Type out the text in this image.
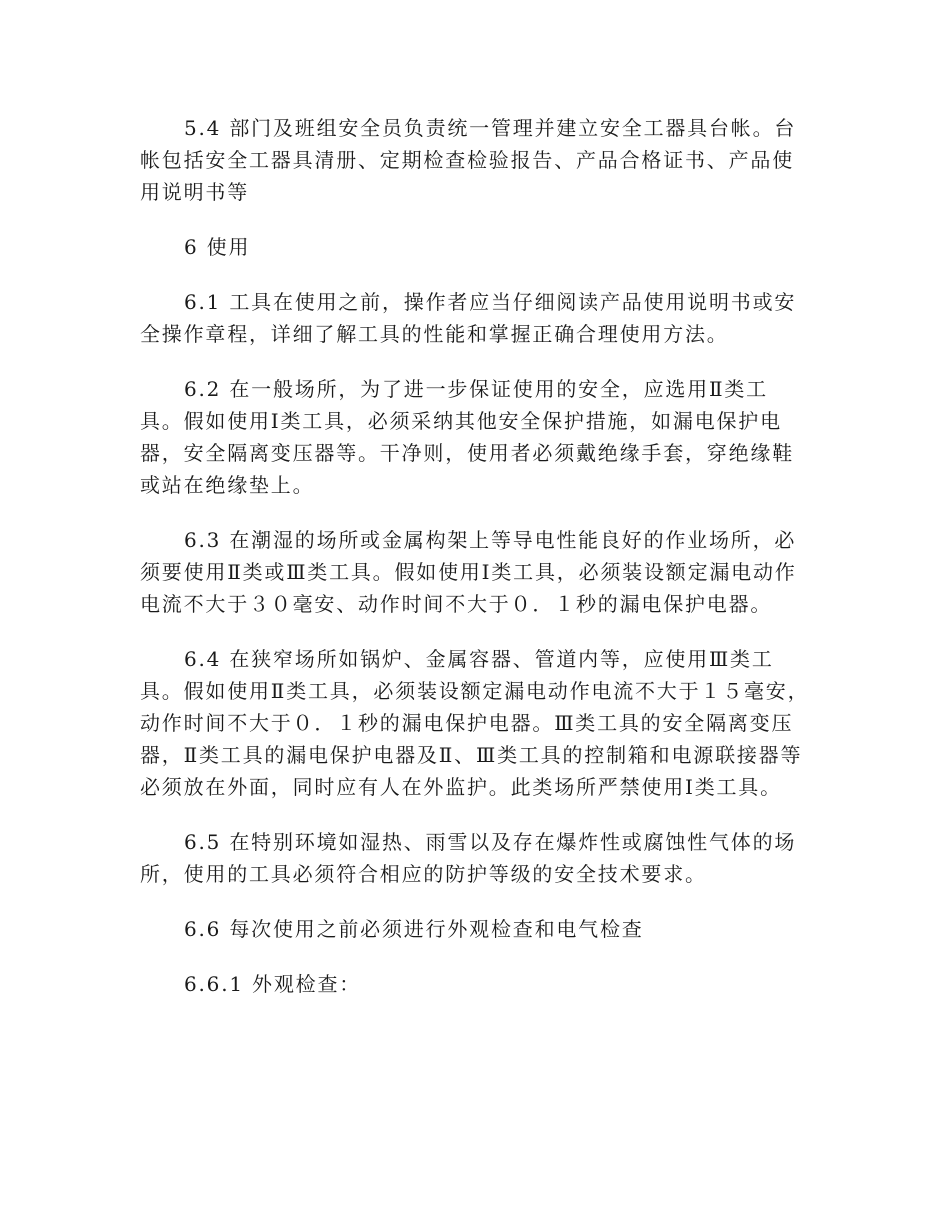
5.4 部门及班组安全员负责统一管理并建立安全工器具台帐。台帐包括安全工器具清册、定期检查检验报告、产品合格证书、产品使用说明书等

6 使用

6.1 工具在使用之前，操作者应当仔细阅读产品使用说明书或安全操作章程，详细了解工具的性能和掌握正确合理使用方法。

6.2 在一般场所，为了进一步保证使用的安全，应选用Ⅱ类工具。假如使用Ⅰ类工具，必须采纳其他安全保护措施，如漏电保护电器，安全隔离变压器等。干净则，使用者必须戴绝缘手套，穿绝缘鞋或站在绝缘垫上。

6.3 在潮湿的场所或金属构架上等导电性能良好的作业场所，必须要使用Ⅱ类或Ⅲ类工具。假如使用Ⅰ类工具，必须装设额定漏电动作电流不大于３０毫安、动作时间不大于０．１秒的漏电保护电器。

6.4 在狭窄场所如锅炉、金属容器、管道内等，应使用Ⅲ类工具。假如使用Ⅱ类工具，必须装设额定漏电动作电流不大于１５毫安，动作时间不大于０．１秒的漏电保护电器。Ⅲ类工具的安全隔离变压器，Ⅱ类工具的漏电保护电器及Ⅱ、Ⅲ类工具的控制箱和电源联接器等必须放在外面，同时应有人在外监护。此类场所严禁使用Ⅰ类工具。

6.5 在特别环境如湿热、雨雪以及存在爆炸性或腐蚀性气体的场所，使用的工具必须符合相应的防护等级的安全技术要求。

6.6 每次使用之前必须进行外观检查和电气检查

6.6.1 外观检查：
